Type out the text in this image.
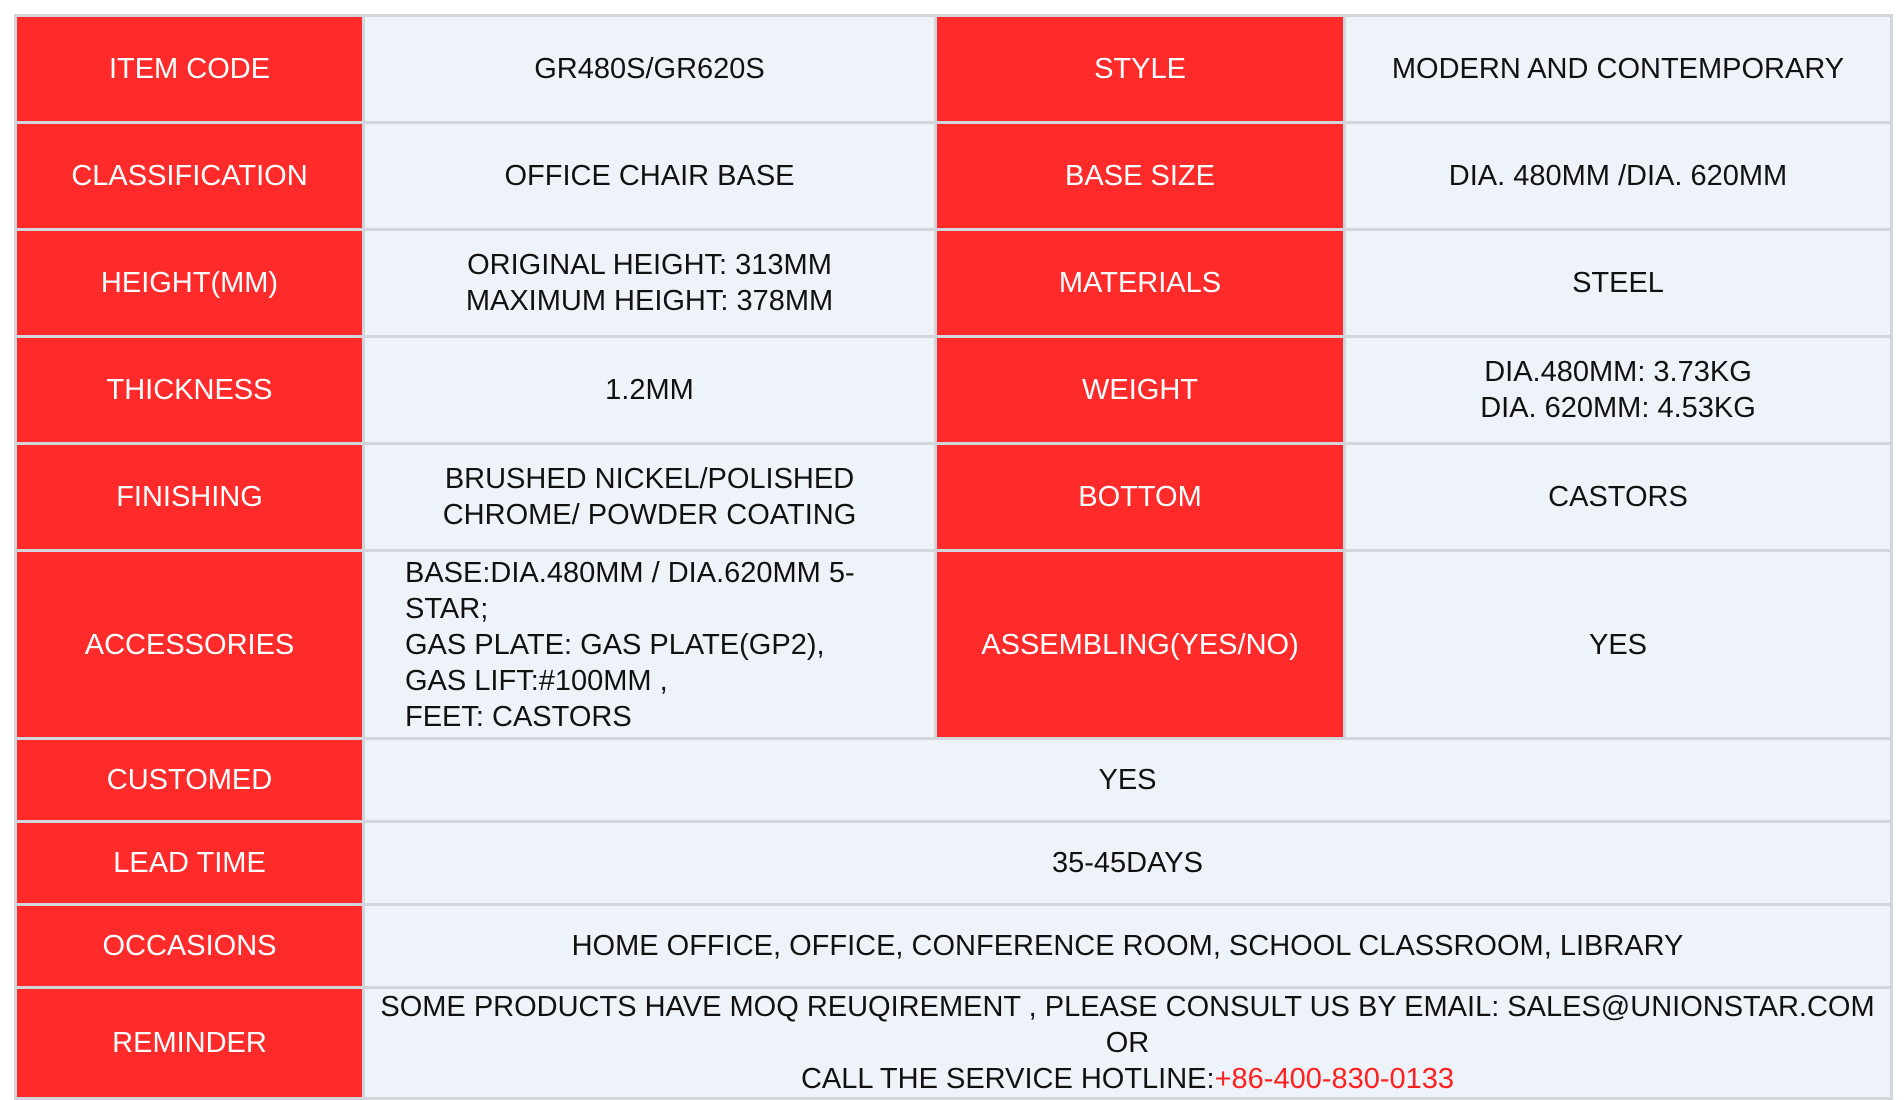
ITEM CODE	GR480S/GR620S	STYLE	MODERN AND CONTEMPORARY

CLASSIFICATION	OFFICE CHAIR BASE	BASE SIZE	DIA. 480MM /DIA. 620MM

HEIGHT(MM)	ORIGINAL HEIGHT: 313MM
MAXIMUM HEIGHT: 378MM	MATERIALS	STEEL

THICKNESS	1.2MM	WEIGHT	DIA.480MM: 3.73KG
DIA. 620MM: 4.53KG

FINISHING	BRUSHED NICKEL/POLISHED
CHROME/ POWDER COATING	BOTTOM	CASTORS

ACCESSORIES	BASE:DIA.480MM / DIA.620MM 5-STAR;
GAS PLATE: GAS PLATE(GP2),
GAS LIFT:#100MM ,
FEET: CASTORS	ASSEMBLING(YES/NO)	YES

CUSTOMED	YES		
LEAD TIME	35-45DAYS		
OCCASIONS	HOME OFFICE, OFFICE, CONFERENCE ROOM, SCHOOL CLASSROOM, LIBRARY		
REMINDER	SOME PRODUCTS HAVE MOQ REUQIREMENT , PLEASE CONSULT US BY EMAIL: SALES@UNIONSTAR.COM OR
CALL THE SERVICE HOTLINE:+86-400-830-0133		
